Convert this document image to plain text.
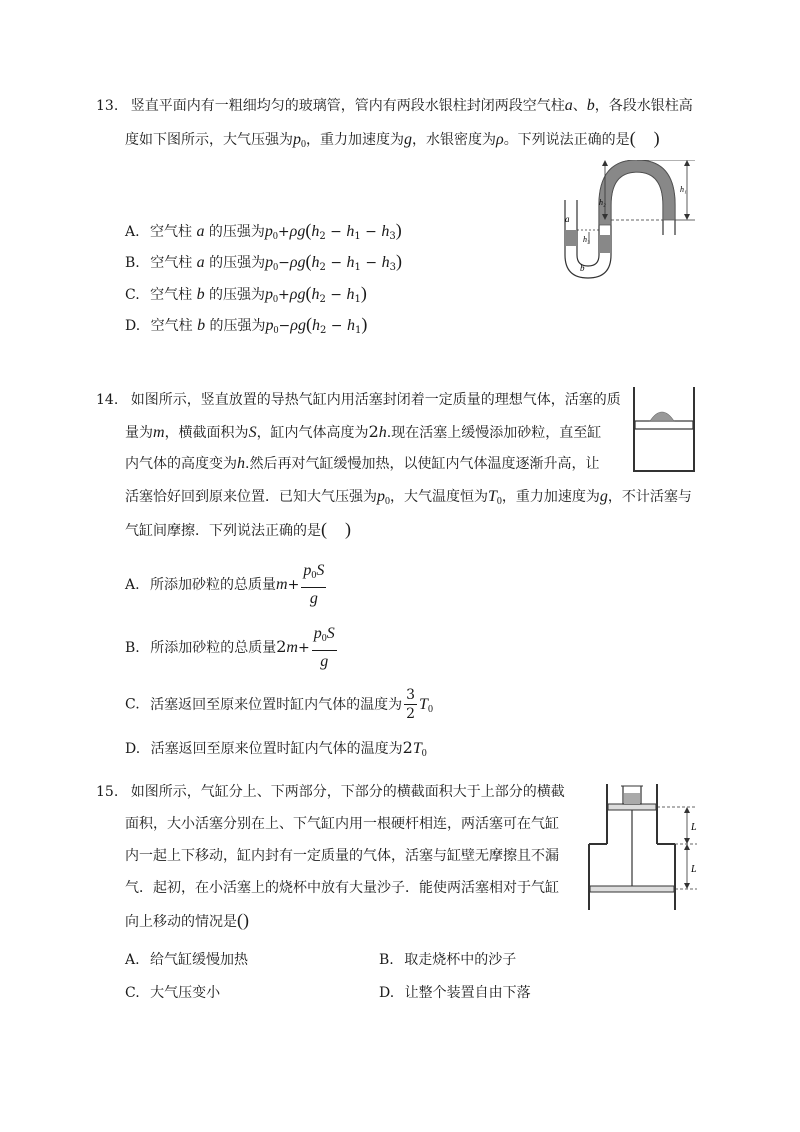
13. 竖直平面内有一粗细均匀的玻璃管，管内有两段水银柱封闭两段空气柱a、b，各段水银柱高
度如下图所示，大气压强为$p_0$，重力加速度为g，水银密度为ρ。下列说法正确的是(    )
A. 空气柱 a 的压强为$p_0+\rho g(h_2 - h_1 - h_3)$
B. 空气柱 a 的压强为$p_0-\rho g(h_2 - h_1 - h_3)$
C. 空气柱 b 的压强为$p_0+\rho g(h_2 - h_1)$
D. 空气柱 b 的压强为$p_0-\rho g(h_2 - h_1)$
h₁
h₂
h₃
a
b
14. 如图所示，竖直放置的导热气缸内用活塞封闭着一定质量的理想气体，活塞的质
量为m，横截面积为S，缸内气体高度为2h.现在活塞上缓慢添加砂粒，直至缸
内气体的高度变为h.然后再对气缸缓慢加热，以使缸内气体温度逐渐升高，让
活塞恰好回到原来位置．已知大气压强为$p_0$，大气温度恒为$T_0$，重力加速度为g，不计活塞与
气缸间摩擦．下列说法正确的是(    )
A. 所添加砂粒的总质量$m+ \frac{p_0S}{g}$
B. 所添加砂粒的总质量$2m+ \frac{p_0S}{g}$
C. 活塞返回至原来位置时缸内气体的温度为 $\frac{3}{2} T_0$
D. 活塞返回至原来位置时缸内气体的温度为$2T_0$
15. 如图所示，气缸分上、下两部分，下部分的横截面积大于上部分的横截
面积，大小活塞分别在上、下气缸内用一根硬杆相连，两活塞可在气缸
内一起上下移动，缸内封有一定质量的气体，活塞与缸壁无摩擦且不漏
气．起初，在小活塞上的烧杯中放有大量沙子．能使两活塞相对于气缸
向上移动的情况是()
A. 给气缸缓慢加热	B. 取走烧杯中的沙子
C. 大气压变小	D. 让整个装置自由下落
L
L
